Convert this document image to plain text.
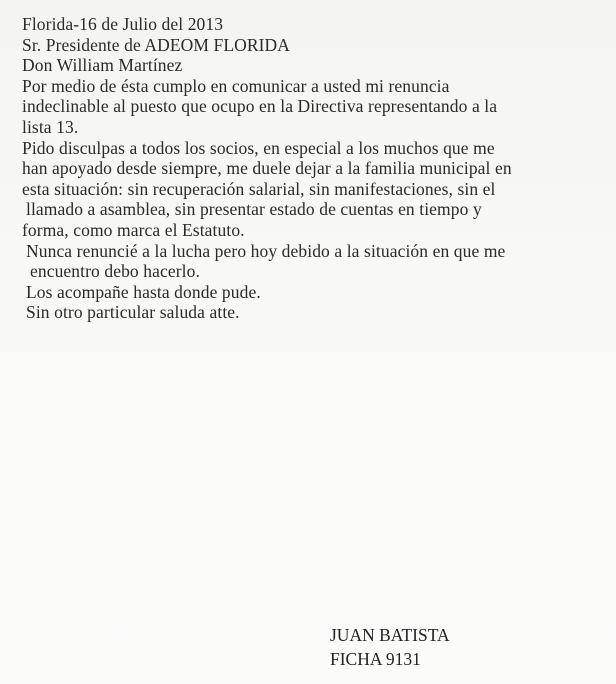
Florida-16 de Julio del 2013
Sr. Presidente de ADEOM FLORIDA
Don William Martínez
Por medio de ésta cumplo en comunicar a usted mi renuncia
indeclinable al puesto que ocupo en la Directiva representando a la
lista 13.
Pido disculpas a todos los socios, en especial a los muchos que me
han apoyado desde siempre, me duele dejar a la familia municipal en
esta situación: sin recuperación salarial, sin manifestaciones, sin el
llamado a asamblea, sin presentar estado de cuentas en tiempo y
forma, como marca el Estatuto.
Nunca renuncié a la lucha pero hoy debido a la situación en que me
encuentro debo hacerlo.
Los acompañe hasta donde pude.
Sin otro particular saluda atte.
JUAN BATISTA
FICHA 9131
